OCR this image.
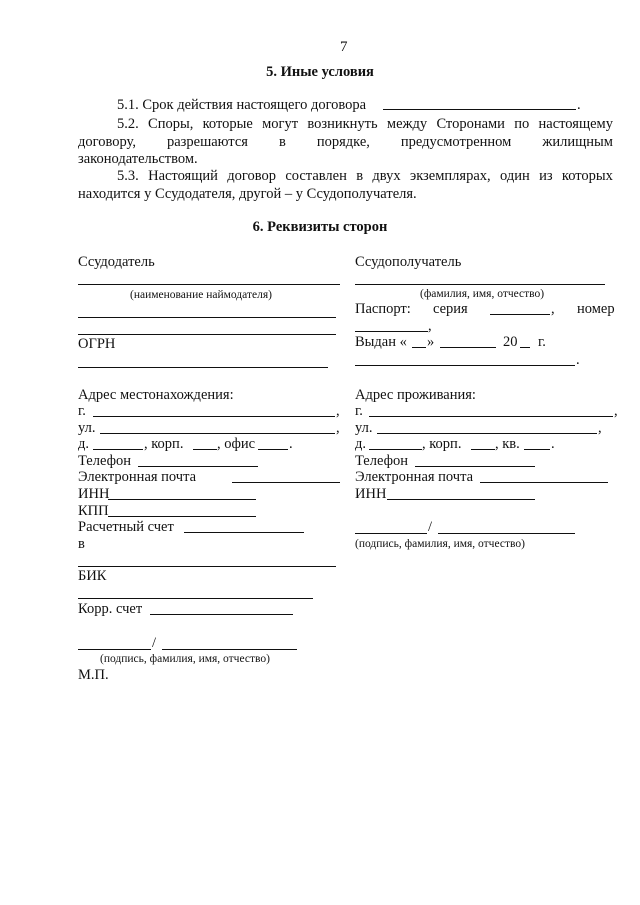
7
5. Иные условия
5.1. Срок действия настоящего договора	.
5.2. Споры, которые могут возникнуть между Сторонами по настоящему
договору, разрешаются в порядке, предусмотренном жилищным
законодательством.
5.3. Настоящий договор составлен в двух экземплярах, один из которых
находится у Ссудодателя, другой – у Ссудополучателя.
6. Реквизиты сторон
Ссудодатель
(наименование наймодателя)
ОГРН
Адрес местонахождения:
г.	,
ул.	,
д.	, корп. , офис .
Телефон
Электронная почта
ИНН
КПП
Расчетный счет
в
БИК
Корр. счет
/
(подпись, фамилия, имя, отчество)
М.П.
Ссудополучатель
(фамилия, имя, отчество)
Паспорт: серия	, номер
,
Выдан « »	20 г.
.
Адрес проживания:
г.	,
ул.	,
д.	, корп. , кв. .
Телефон
Электронная почта
ИНН
/
(подпись, фамилия, имя, отчество)
